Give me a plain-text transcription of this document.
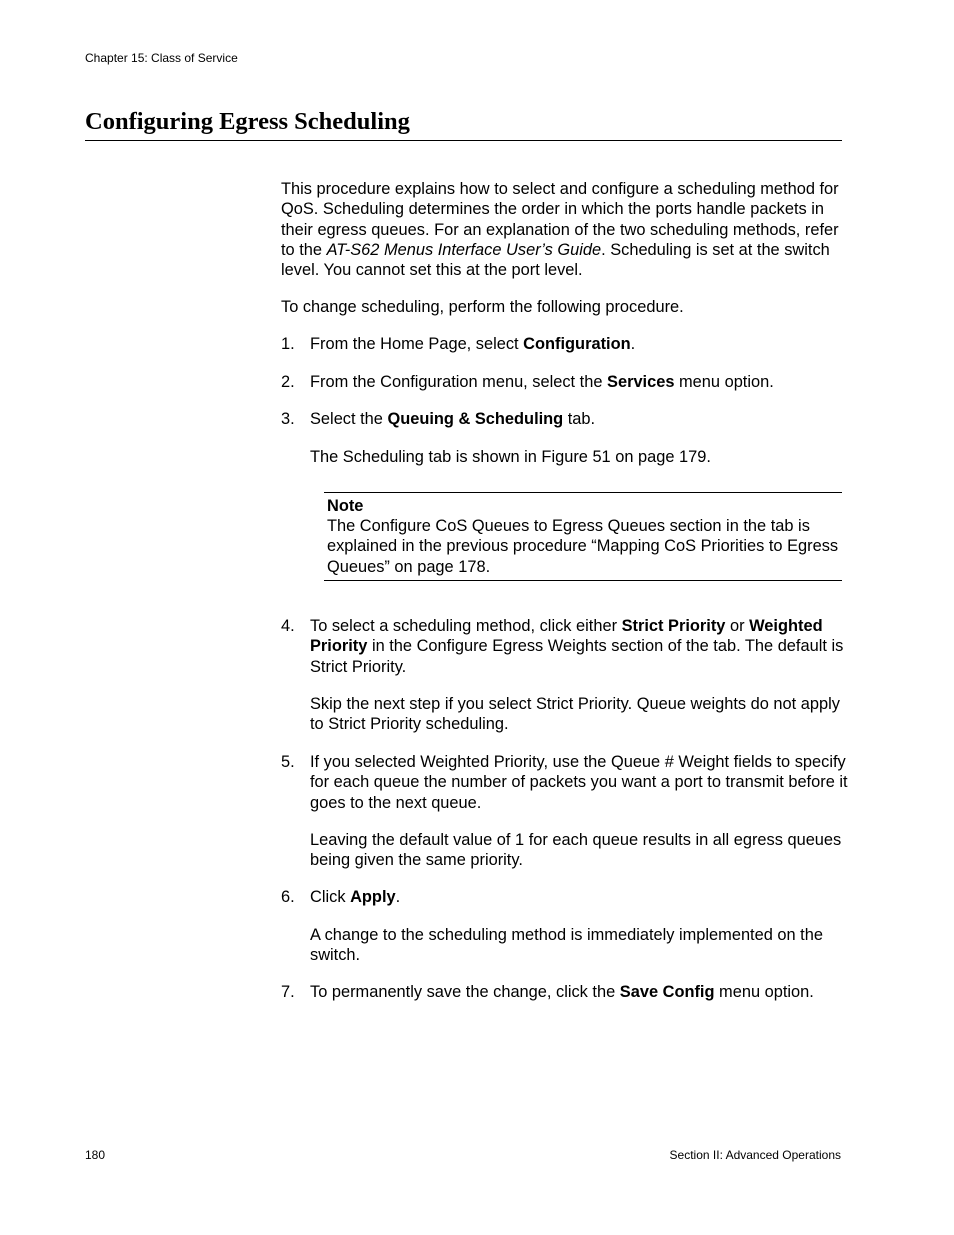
Chapter 15: Class of Service
Configuring Egress Scheduling
This procedure explains how to select and configure a scheduling method for QoS. Scheduling determines the order in which the ports handle packets in their egress queues. For an explanation of the two scheduling methods, refer to the AT-S62 Menus Interface User’s Guide. Scheduling is set at the switch level. You cannot set this at the port level.
To change scheduling, perform the following procedure.
1. From the Home Page, select Configuration.
2. From the Configuration menu, select the Services menu option.
3. Select the Queuing & Scheduling tab.
The Scheduling tab is shown in Figure 51 on page 179.
Note
The Configure CoS Queues to Egress Queues section in the tab is explained in the previous procedure “Mapping CoS Priorities to Egress Queues” on page 178.
4. To select a scheduling method, click either Strict Priority or Weighted Priority in the Configure Egress Weights section of the tab. The default is Strict Priority.
Skip the next step if you select Strict Priority. Queue weights do not apply to Strict Priority scheduling.
5. If you selected Weighted Priority, use the Queue # Weight fields to specify for each queue the number of packets you want a port to transmit before it goes to the next queue.
Leaving the default value of 1 for each queue results in all egress queues being given the same priority.
6. Click Apply.
A change to the scheduling method is immediately implemented on the switch.
7. To permanently save the change, click the Save Config menu option.
180	Section II: Advanced Operations
